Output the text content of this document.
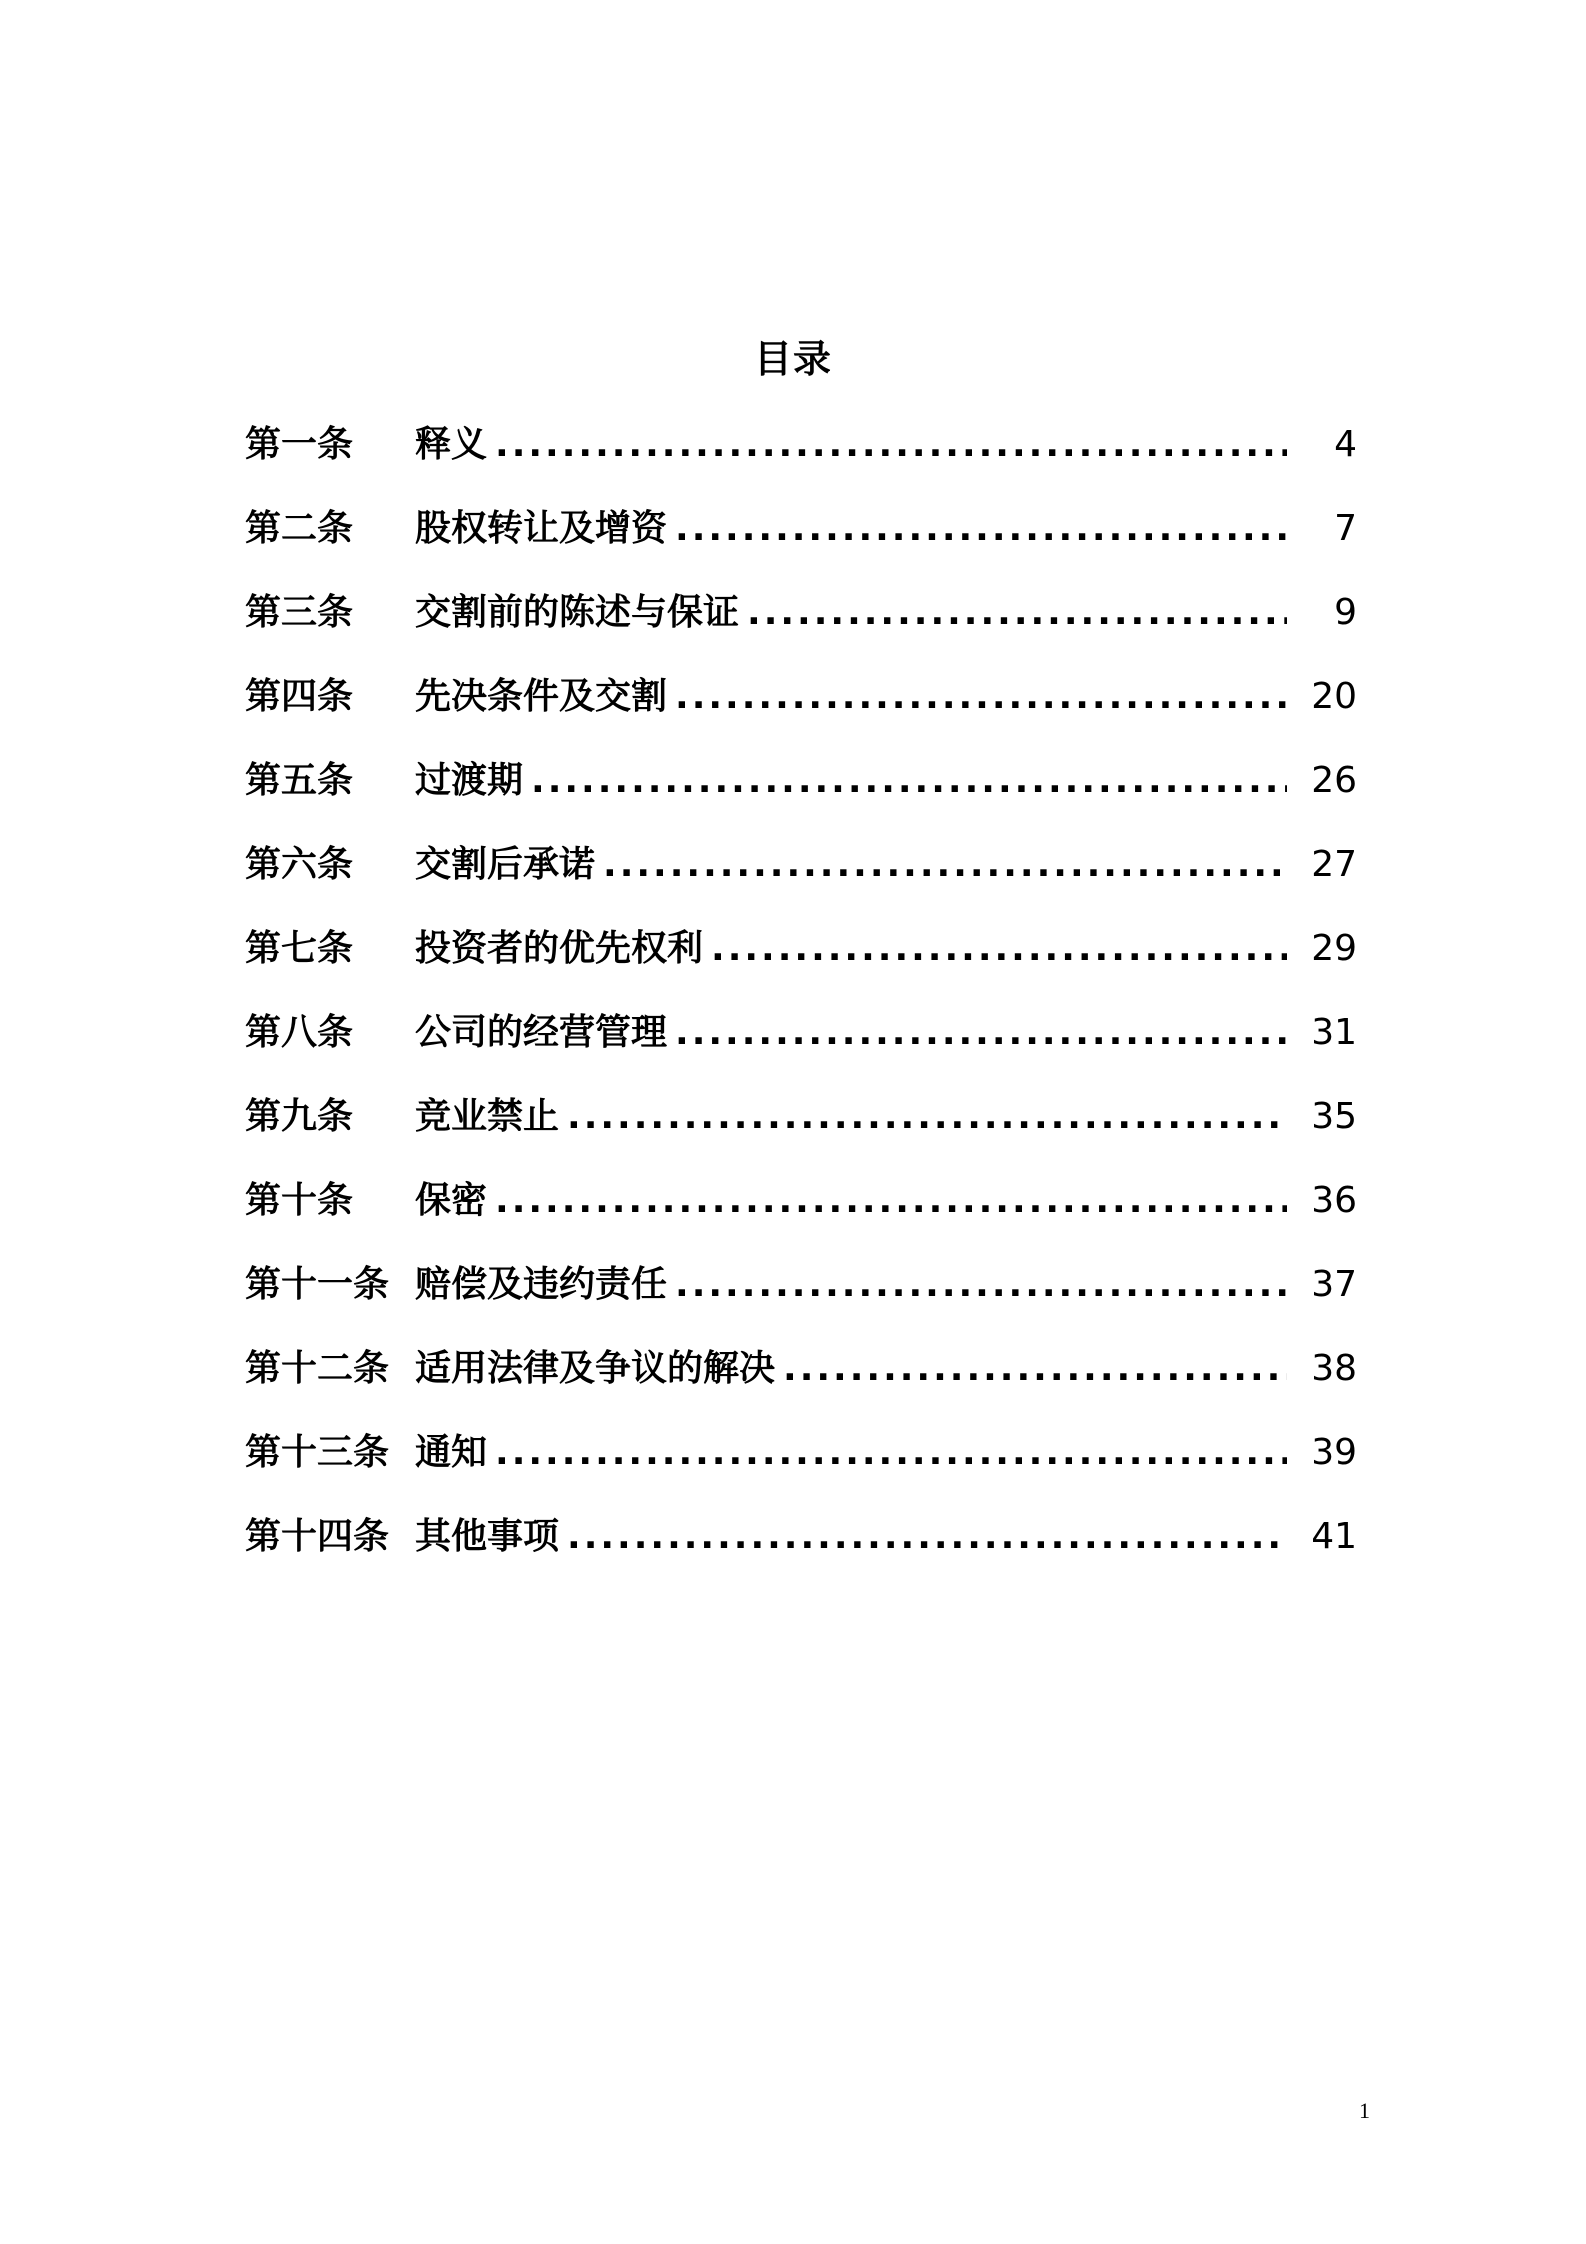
目录
第一条	释义 .....	4
第二条	股权转让及增资 .....	7
第三条	交割前的陈述与保证 .....	9
第四条	先决条件及交割 .....	20
第五条	过渡期 .....	26
第六条	交割后承诺 .....	27
第七条	投资者的优先权利 .....	29
第八条	公司的经营管理 .....	31
第九条	竞业禁止 .....	35
第十条	保密 .....	36
第十一条 赔偿及违约责任 .....	37
第十二条 适用法律及争议的解决 .....	38
第十三条 通知 .....	39
第十四条 其他事项 .....	41
1
